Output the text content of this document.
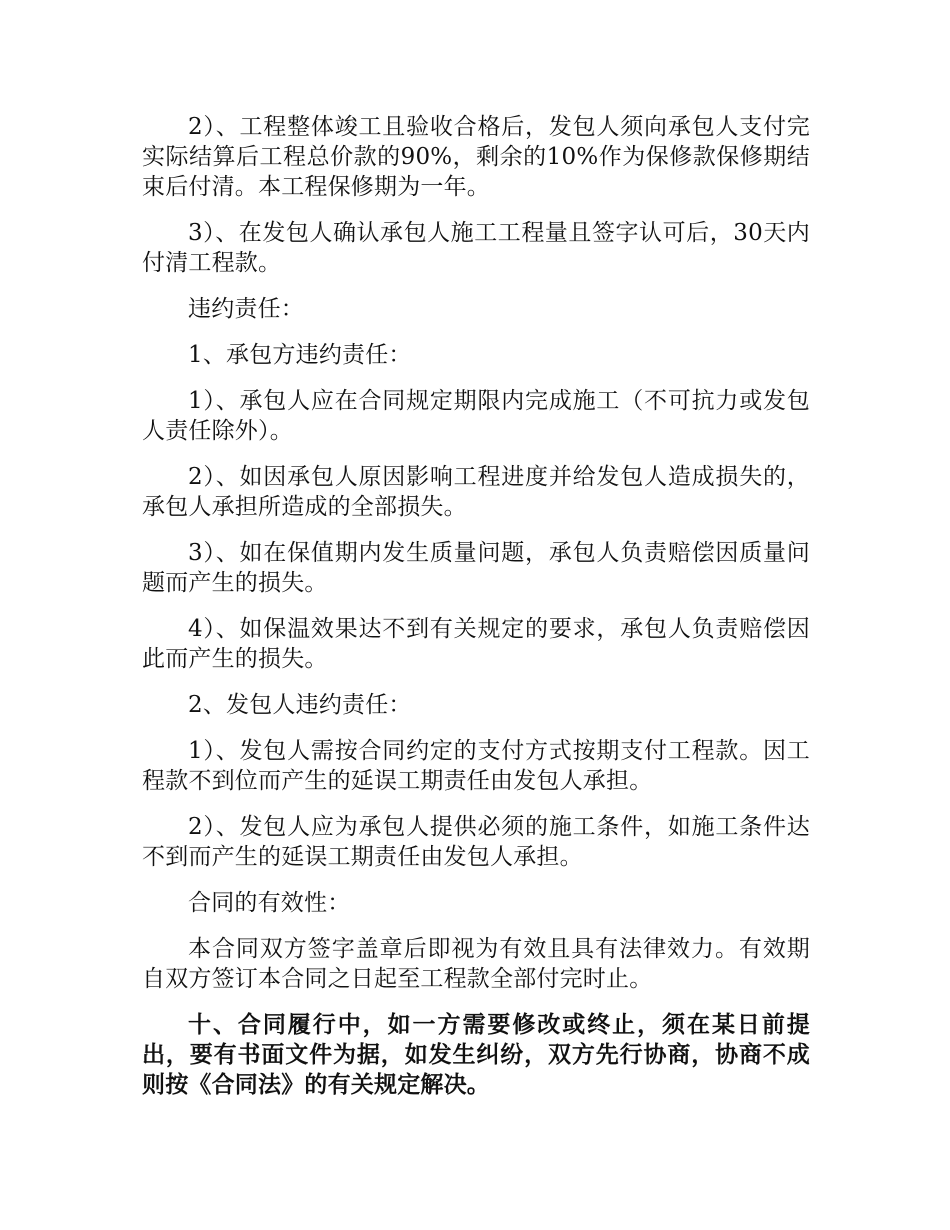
2）、工程整体竣工且验收合格后，发包人须向承包人支付完实际结算后工程总价款的90%，剩余的10%作为保修款保修期结束后付清。本工程保修期为一年。

3）、在发包人确认承包人施工工程量且签字认可后，30天内付清工程款。

违约责任：

1、承包方违约责任：

1）、承包人应在合同规定期限内完成施工（不可抗力或发包人责任除外）。

2）、如因承包人原因影响工程进度并给发包人造成损失的，承包人承担所造成的全部损失。

3）、如在保值期内发生质量问题，承包人负责赔偿因质量问题而产生的损失。

4）、如保温效果达不到有关规定的要求，承包人负责赔偿因此而产生的损失。

2、发包人违约责任：

1）、发包人需按合同约定的支付方式按期支付工程款。因工程款不到位而产生的延误工期责任由发包人承担。

2）、发包人应为承包人提供必须的施工条件，如施工条件达不到而产生的延误工期责任由发包人承担。

合同的有效性：

本合同双方签字盖章后即视为有效且具有法律效力。有效期自双方签订本合同之日起至工程款全部付完时止。

十、合同履行中，如一方需要修改或终止，须在某日前提出，要有书面文件为据，如发生纠纷，双方先行协商，协商不成则按《合同法》的有关规定解决。
